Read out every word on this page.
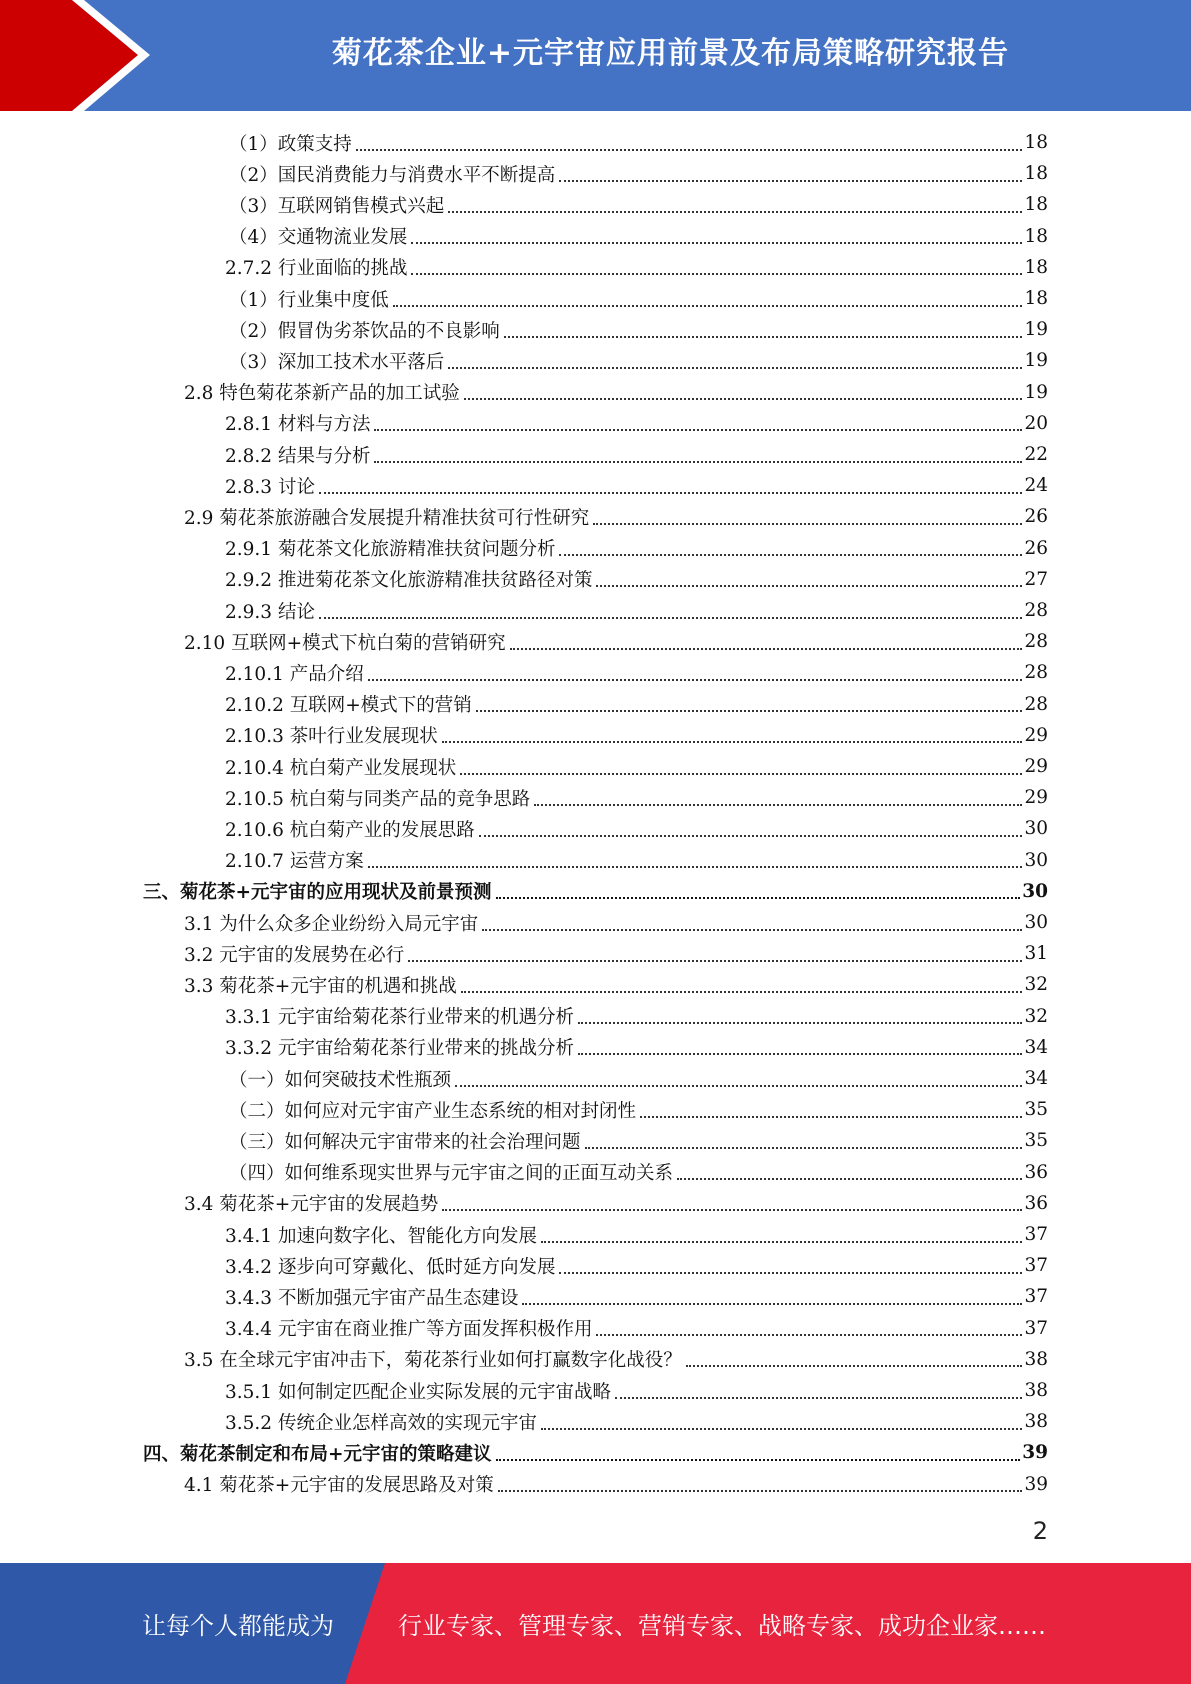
菊花茶企业+元宇宙应用前景及布局策略研究报告
（1）政策支持	18
（2）国民消费能力与消费水平不断提高	18
（3）互联网销售模式兴起	18
（4）交通物流业发展	18
2.7.2 行业面临的挑战	18
（1）行业集中度低	18
（2）假冒伪劣茶饮品的不良影响	19
（3）深加工技术水平落后	19
2.8 特色菊花茶新产品的加工试验	19
2.8.1 材料与方法	20
2.8.2 结果与分析	22
2.8.3 讨论	24
2.9 菊花茶旅游融合发展提升精准扶贫可行性研究	26
2.9.1 菊花茶文化旅游精准扶贫问题分析	26
2.9.2 推进菊花茶文化旅游精准扶贫路径对策	27
2.9.3 结论	28
2.10 互联网+模式下杭白菊的营销研究	28
2.10.1 产品介绍	28
2.10.2 互联网+模式下的营销	28
2.10.3 茶叶行业发展现状	29
2.10.4 杭白菊产业发展现状	29
2.10.5 杭白菊与同类产品的竞争思路	29
2.10.6 杭白菊产业的发展思路	30
2.10.7 运营方案	30
三、菊花茶+元宇宙的应用现状及前景预测	30
3.1 为什么众多企业纷纷入局元宇宙	30
3.2 元宇宙的发展势在必行	31
3.3 菊花茶+元宇宙的机遇和挑战	32
3.3.1 元宇宙给菊花茶行业带来的机遇分析	32
3.3.2 元宇宙给菊花茶行业带来的挑战分析	34
（一）如何突破技术性瓶颈	34
（二）如何应对元宇宙产业生态系统的相对封闭性	35
（三）如何解决元宇宙带来的社会治理问题	35
（四）如何维系现实世界与元宇宙之间的正面互动关系	36
3.4 菊花茶+元宇宙的发展趋势	36
3.4.1 加速向数字化、智能化方向发展	37
3.4.2 逐步向可穿戴化、低时延方向发展	37
3.4.3 不断加强元宇宙产品生态建设	37
3.4.4 元宇宙在商业推广等方面发挥积极作用	37
3.5 在全球元宇宙冲击下，菊花茶行业如何打赢数字化战役？	38
3.5.1 如何制定匹配企业实际发展的元宇宙战略	38
3.5.2 传统企业怎样高效的实现元宇宙	38
四、菊花茶制定和布局+元宇宙的策略建议	39
4.1 菊花茶+元宇宙的发展思路及对策	39
2
让每个人都能成为	行业专家、管理专家、营销专家、战略专家、成功企业家……
